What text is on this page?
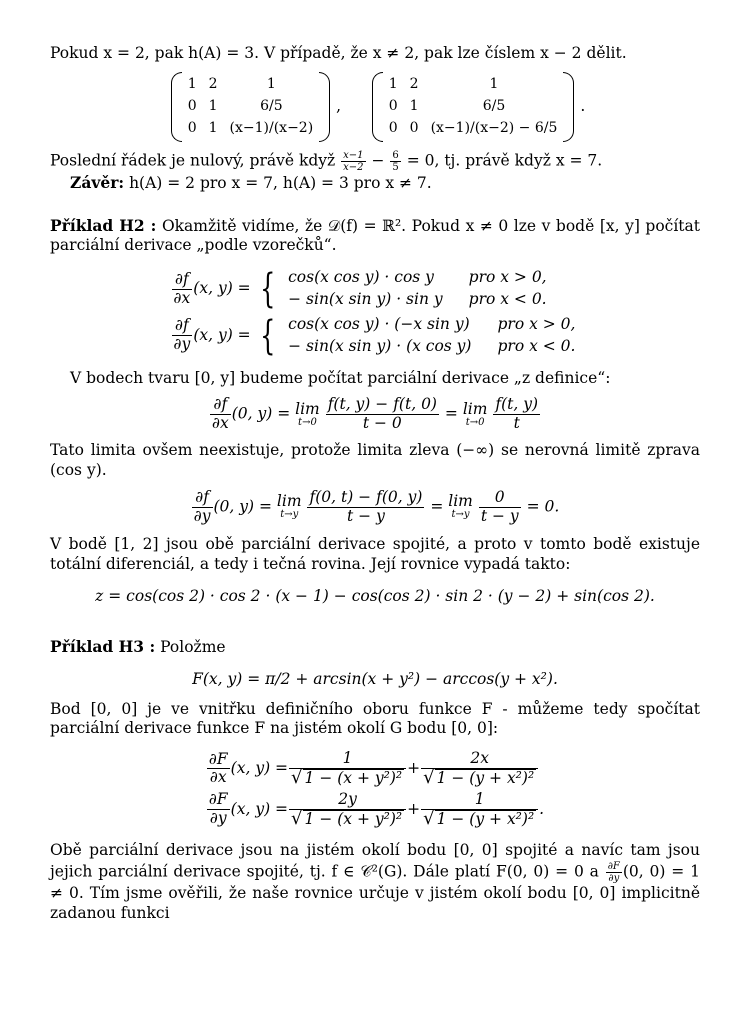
Pokud x = 2, pak h(A) = 3. V případě, že x ≠ 2, pak lze číslem x − 2 dělit.

1	2	1
0	1	6/5
0	1	(x−1)/(x−2)
,
1	2	1
0	1	6/5
0	0	(x−1)/(x−2) − 6/5
.

Poslední řádek je nulový, právě když $\frac{x-1}{x-2} - \frac{6}{5} = 0$, tj. právě když x = 7.

Závěr: h(A) = 2 pro x = 7, h(A) = 3 pro x ≠ 7.

Příklad H2 : Okamžitě vidíme, že 𝒟(f) = ℝ². Pokud x ≠ 0 lze v bodě [x, y] počítat parciální derivace „podle vzorečků“.

$\frac{\partial f}{\partial x} (x$, y) = { cos(x cos y) · cos y	pro x > 0,
− sin(x sin y) · sin y	pro x < 0.
$\frac{\partial f}{\partial y} (x$, y) = { cos(x cos y) · (−x sin y)	pro x > 0,
− sin(x sin y) · (x cos y)	pro x < 0.

V bodech tvaru [0, y] budeme počítat parciální derivace „z definice“:

$\frac{\partial f}{\partial x} (0$, y) = lim
t→0
$\frac{f(t, y) - f(t, 0)}{t - 0} = \lim$
t→0
$\frac{f(t, y)}{t}$

Tato limita ovšem neexistuje, protože limita zleva (−∞) se nerovná limitě zprava (cos y).

$\frac{\partial f}{\partial y} (0$, y) = lim
t→y
$\frac{f(0, t) - f(0, y)}{t - y} = \lim$
t→y
$\frac{0}{t - y} = 0$.

V bodě [1, 2] jsou obě parciální derivace spojité, a proto v tomto bodě existuje totální diferenciál, a tedy i tečná rovina. Její rovnice vypadá takto:

z = cos(cos 2) · cos 2 · (x − 1) − cos(cos 2) · sin 2 · (y − 2) + sin(cos 2).

Příklad H3 : Položme

F(x, y) = π/2 + arcsin(x + y²) − arccos(y + x²).

Bod [0, 0] je ve vnitřku definičního oboru funkce F - můžeme tedy spočítat parciální derivace funkce F na jistém okolí G bodu [0, 0]:

$\frac{\partial F}{\partial x} (x$, $y) = \frac{1}{\text{√ 1 − (x + y²)²}} + \frac{2x}{\text{√ 1 − (y + x²)²}}$
$\frac{\partial F}{\partial y} (x$, $y) = \frac{2y}{\text{√ 1 − (x + y²)²}} + \frac{1}{\text{√ 1 − (y + x²)²}}$ .

Obě parciální derivace jsou na jistém okolí bodu [0, 0] spojité a navíc tam jsou jejich parciální derivace spojité, tj. f ∈ 𝒞²(G). Dále platí F(0, 0) = 0 a $\frac{\partial F}{\partial y} (0$, 0) = 1 ≠ 0. Tím jsme ověřili, že naše rovnice určuje v jistém okolí bodu [0, 0] implicitně zadanou funkci
